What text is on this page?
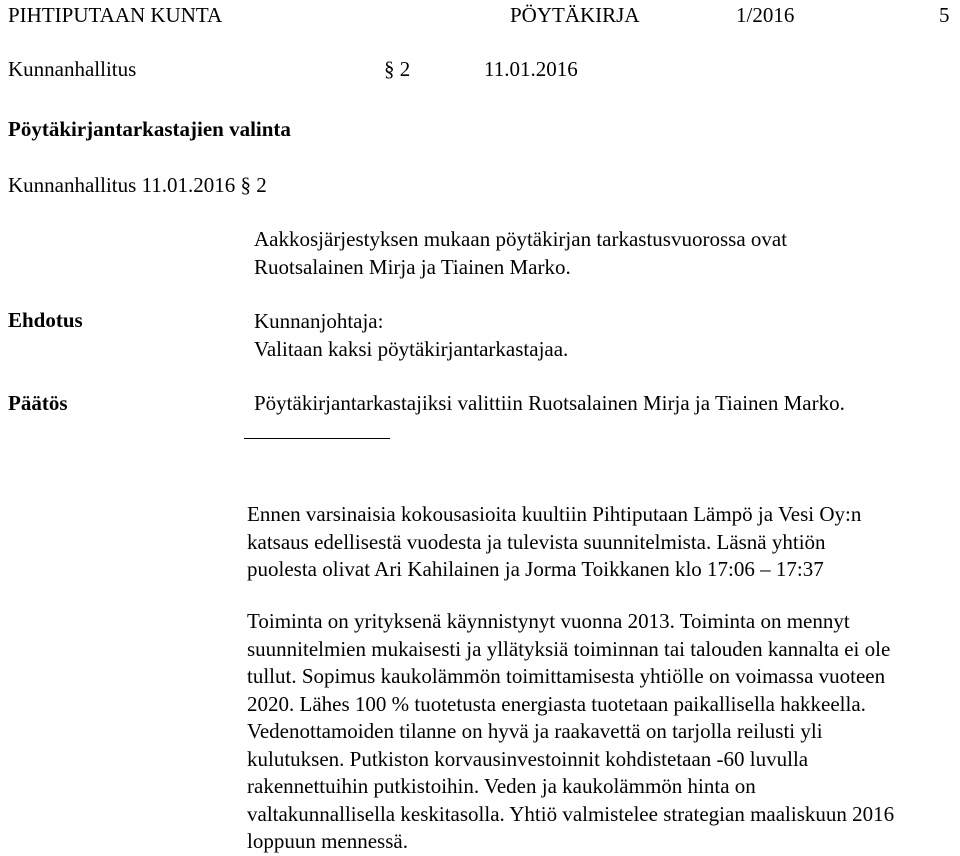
PIHTIPUTAAN KUNTA	PÖYTÄKIRJA	1/2016	5
Kunnanhallitus	§ 2	11.01.2016
Pöytäkirjantarkastajien valinta
Kunnanhallitus 11.01.2016 § 2
Aakkosjärjestyksen mukaan pöytäkirjan tarkastusvuorossa ovat
Ruotsalainen Mirja ja Tiainen Marko.
Ehdotus	Kunnanjohtaja:
Valitaan kaksi pöytäkirjantarkastajaa.
Päätös	Pöytäkirjantarkastajiksi valittiin Ruotsalainen Mirja ja Tiainen Marko.
Ennen varsinaisia kokousasioita kuultiin Pihtiputaan Lämpö ja Vesi Oy:n
katsaus edellisestä vuodesta ja tulevista suunnitelmista. Läsnä yhtiön
puolesta olivat Ari Kahilainen ja Jorma Toikkanen klo 17:06 – 17:37
Toiminta on yrityksenä käynnistynyt vuonna 2013. Toiminta on mennyt
suunnitelmien mukaisesti ja yllätyksiä toiminnan tai talouden kannalta ei ole
tullut. Sopimus kaukolämmön toimittamisesta yhtiölle on voimassa vuoteen
2020. Lähes 100 % tuotetusta energiasta tuotetaan paikallisella hakkeella.
Vedenottamoiden tilanne on hyvä ja raakavettä on tarjolla reilusti yli
kulutuksen. Putkiston korvausinvestoinnit kohdistetaan -60 luvulla
rakennettuihin putkistoihin. Veden ja kaukolämmön hinta on
valtakunnallisella keskitasolla. Yhtiö valmistelee strategian maaliskuun 2016
loppuun mennessä.
